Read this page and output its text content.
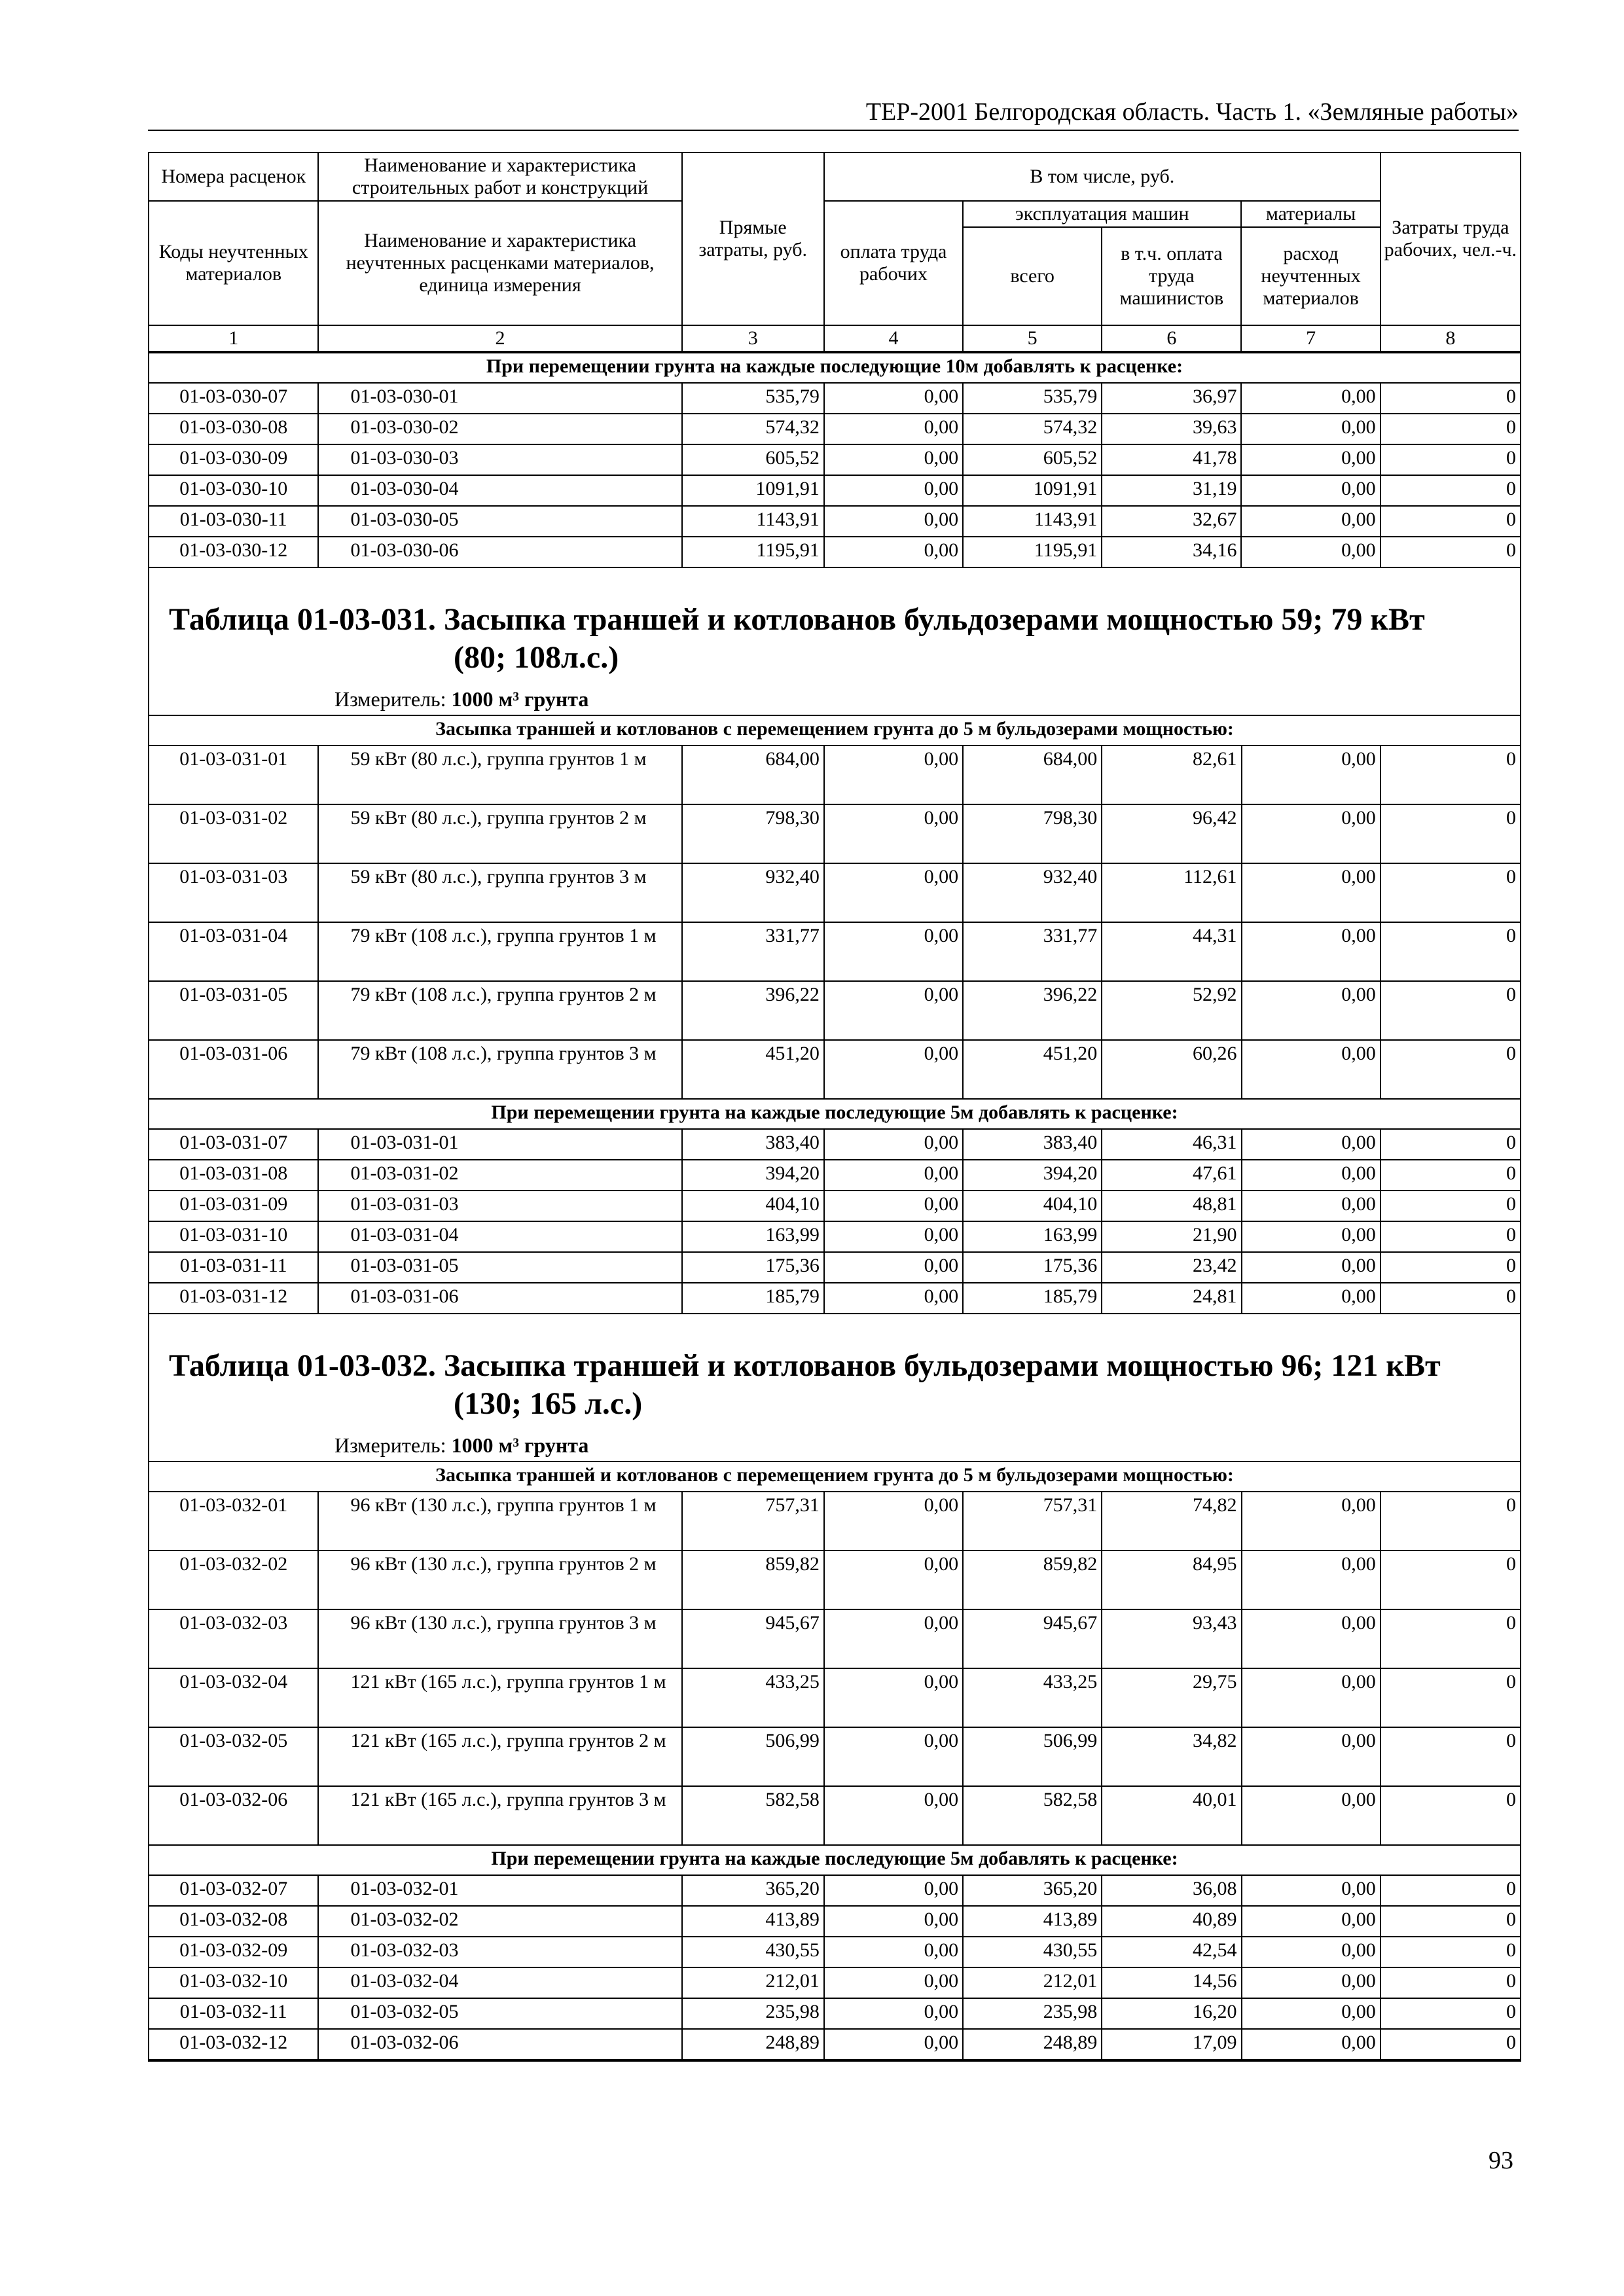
ТЕР-2001 Белгородская область. Часть 1. «Земляные работы»
Номера расценок	Наименование и характеристика строительных работ и конструкций	Прямые затраты, руб.	В том числе, руб.				Затраты труда рабочих, чел.-ч.
Коды неучтенных материалов	Наименование и характеристика неучтенных расценками материалов, единица измерения		оплата труда рабочих	эксплуатация машин		материалы	
				всего	в т.ч. оплата труда машинистов	расход неучтенных материалов	
1	2	3	4	5	6	7	8
При перемещении грунта на каждые последующие 10м добавлять к расценке:							
01-03-030-07	01-03-030-01	535,79	0,00	535,79	36,97	0,00	0
01-03-030-08	01-03-030-02	574,32	0,00	574,32	39,63	0,00	0
01-03-030-09	01-03-030-03	605,52	0,00	605,52	41,78	0,00	0
01-03-030-10	01-03-030-04	1091,91	0,00	1091,91	31,19	0,00	0
01-03-030-11	01-03-030-05	1143,91	0,00	1143,91	32,67	0,00	0
01-03-030-12	01-03-030-06	1195,91	0,00	1195,91	34,16	0,00	0
Таблица 01-03-031. Засыпка траншей и котлованов бульдозерами мощностью 59; 79 кВт
(80; 108л.с.)
Измеритель: 1000 м³ грунта
Засыпка траншей и котлованов с перемещением грунта до 5 м бульдозерами мощностью:							
01-03-031-01	59 кВт (80 л.с.), группа грунтов 1 м	684,00	0,00	684,00	82,61	0,00	0
01-03-031-02	59 кВт (80 л.с.), группа грунтов 2 м	798,30	0,00	798,30	96,42	0,00	0
01-03-031-03	59 кВт (80 л.с.), группа грунтов 3 м	932,40	0,00	932,40	112,61	0,00	0
01-03-031-04	79 кВт (108 л.с.), группа грунтов 1 м	331,77	0,00	331,77	44,31	0,00	0
01-03-031-05	79 кВт (108 л.с.), группа грунтов 2 м	396,22	0,00	396,22	52,92	0,00	0
01-03-031-06	79 кВт (108 л.с.), группа грунтов 3 м	451,20	0,00	451,20	60,26	0,00	0
При перемещении грунта на каждые последующие 5м добавлять к расценке:							
01-03-031-07	01-03-031-01	383,40	0,00	383,40	46,31	0,00	0
01-03-031-08	01-03-031-02	394,20	0,00	394,20	47,61	0,00	0
01-03-031-09	01-03-031-03	404,10	0,00	404,10	48,81	0,00	0
01-03-031-10	01-03-031-04	163,99	0,00	163,99	21,90	0,00	0
01-03-031-11	01-03-031-05	175,36	0,00	175,36	23,42	0,00	0
01-03-031-12	01-03-031-06	185,79	0,00	185,79	24,81	0,00	0
Таблица 01-03-032. Засыпка траншей и котлованов бульдозерами мощностью 96; 121 кВт
(130; 165 л.с.)
Измеритель: 1000 м³ грунта
Засыпка траншей и котлованов с перемещением грунта до 5 м бульдозерами мощностью:							
01-03-032-01	96 кВт (130 л.с.), группа грунтов 1 м	757,31	0,00	757,31	74,82	0,00	0
01-03-032-02	96 кВт (130 л.с.), группа грунтов 2 м	859,82	0,00	859,82	84,95	0,00	0
01-03-032-03	96 кВт (130 л.с.), группа грунтов 3 м	945,67	0,00	945,67	93,43	0,00	0
01-03-032-04	121 кВт (165 л.с.), группа грунтов 1 м	433,25	0,00	433,25	29,75	0,00	0
01-03-032-05	121 кВт (165 л.с.), группа грунтов 2 м	506,99	0,00	506,99	34,82	0,00	0
01-03-032-06	121 кВт (165 л.с.), группа грунтов 3 м	582,58	0,00	582,58	40,01	0,00	0
При перемещении грунта на каждые последующие 5м добавлять к расценке:							
01-03-032-07	01-03-032-01	365,20	0,00	365,20	36,08	0,00	0
01-03-032-08	01-03-032-02	413,89	0,00	413,89	40,89	0,00	0
01-03-032-09	01-03-032-03	430,55	0,00	430,55	42,54	0,00	0
01-03-032-10	01-03-032-04	212,01	0,00	212,01	14,56	0,00	0
01-03-032-11	01-03-032-05	235,98	0,00	235,98	16,20	0,00	0
01-03-032-12	01-03-032-06	248,89	0,00	248,89	17,09	0,00	0
93
